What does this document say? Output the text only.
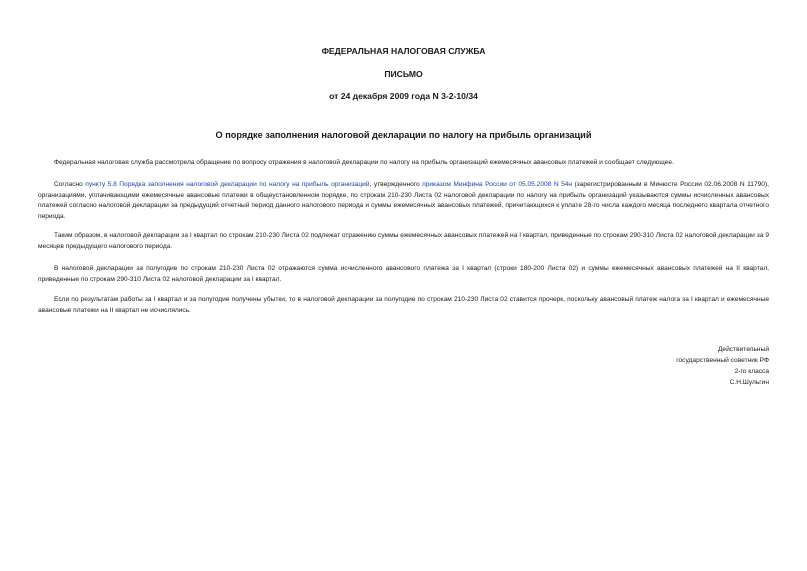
ФЕДЕРАЛЬНАЯ НАЛОГОВАЯ СЛУЖБА
ПИСЬМО
от 24 декабря 2009 года N 3-2-10/34
О порядке заполнения налоговой декларации по налогу на прибыль организаций

Федеральная налоговая служба рассмотрела обращение по вопросу отражения в налоговой декларации по налогу на прибыль организаций ежемесячных авансовых платежей и сообщает следующее.

Согласно пункту 5.8 Порядка заполнения налоговой декларации по налогу на прибыль организаций, утвержденного приказом Минфина России от 05.05.2008 N 54н (зарегистрированным в Минюсте России 02.06.2008 N 11790), организациями, уплачивающими ежемесячные авансовые платежи в общеустановленном порядке, по строкам 210-230 Листа 02 налоговой декларации по налогу на прибыль организаций указываются суммы исчисленных авансовых платежей согласно налоговой декларации за предыдущий отчетный период данного налогового периода и суммы ежемесячных авансовых платежей, причитающихся к уплате 28-го числа каждого месяца последнего квартала отчетного периода.

Таким образом, в налоговой декларации за I квартал по строкам 210-230 Листа 02 подлежат отражению суммы ежемесячных авансовых платежей на I квартал, приведенные по строкам 290-310 Листа 02 налоговой декларации за 9 месяцев предыдущего налогового периода.

В налоговой декларации за полугодие по строкам 210-230 Листа 02 отражаются сумма исчисленного авансового платежа за I квартал (строки 180-200 Листа 02) и суммы ежемесячных авансовых платежей на II квартал, приведенные по строкам 290-310 Листа 02 налоговой декларации за I квартал.

Если по результатам работы за I квартал и за полугодие получены убытки, то в налоговой декларации за полугодие по строкам 210-230 Листа 02 ставится прочерк, поскольку авансовый платеж налога за I квартал и ежемесячные авансовые платежи на II квартал не исчислялись.

Действительный
государственный советник РФ
2-го класса
С.Н.Шульгин
